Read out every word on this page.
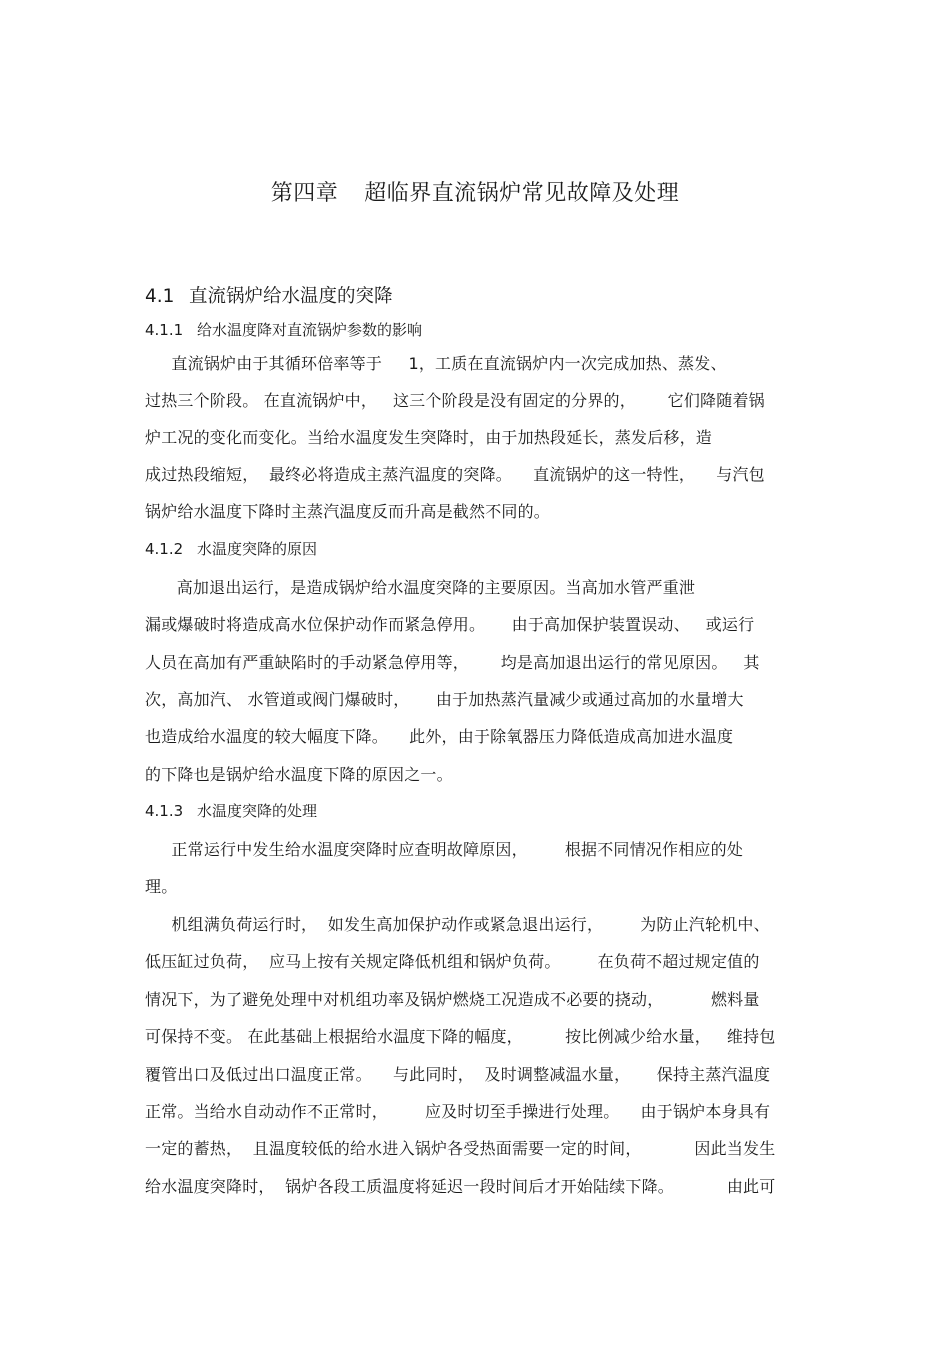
第四章 超临界直流锅炉常见故障及处理
4.1 直流锅炉给水温度的突降
4.1.1 给水温度降对直流锅炉参数的影响
直流锅炉由于其循环倍率等于     1，工质在直流锅炉内一次完成加热、蒸发、
过热三个阶段。 在直流锅炉中，   这三个阶段是没有固定的分界的，      它们降随着锅
炉工况的变化而变化。当给水温度发生突降时，由于加热段延长，蒸发后移，造
成过热段缩短，  最终必将造成主蒸汽温度的突降。    直流锅炉的这一特性，    与汽包
锅炉给水温度下降时主蒸汽温度反而升高是截然不同的。
4.1.2 水温度突降的原因
高加退出运行，是造成锅炉给水温度突降的主要原因。当高加水管严重泄
漏或爆破时将造成高水位保护动作而紧急停用。     由于高加保护装置误动、   或运行
人员在高加有严重缺陷时的手动紧急停用等，      均是高加退出运行的常见原因。   其
次，高加汽、 水管道或阀门爆破时，     由于加热蒸汽量减少或通过高加的水量增大
也造成给水温度的较大幅度下降。    此外，由于除氧器压力降低造成高加进水温度
的下降也是锅炉给水温度下降的原因之一。
4.1.3 水温度突降的处理
正常运行中发生给水温度突降时应查明故障原因，       根据不同情况作相应的处
理。
机组满负荷运行时，  如发生高加保护动作或紧急退出运行，       为防止汽轮机中、
低压缸过负荷，  应马上按有关规定降低机组和锅炉负荷。       在负荷不超过规定值的
情况下，为了避免处理中对机组功率及锅炉燃烧工况造成不必要的挠动，         燃料量
可保持不变。 在此基础上根据给水温度下降的幅度，        按比例减少给水量，   维持包
覆管出口及低过出口温度正常。    与此同时，  及时调整减温水量，     保持主蒸汽温度
正常。当给水自动动作不正常时，       应及时切至手操进行处理。    由于锅炉本身具有
一定的蓄热，  且温度较低的给水进入锅炉各受热面需要一定的时间，          因此当发生
给水温度突降时，  锅炉各段工质温度将延迟一段时间后才开始陆续下降。          由此可
